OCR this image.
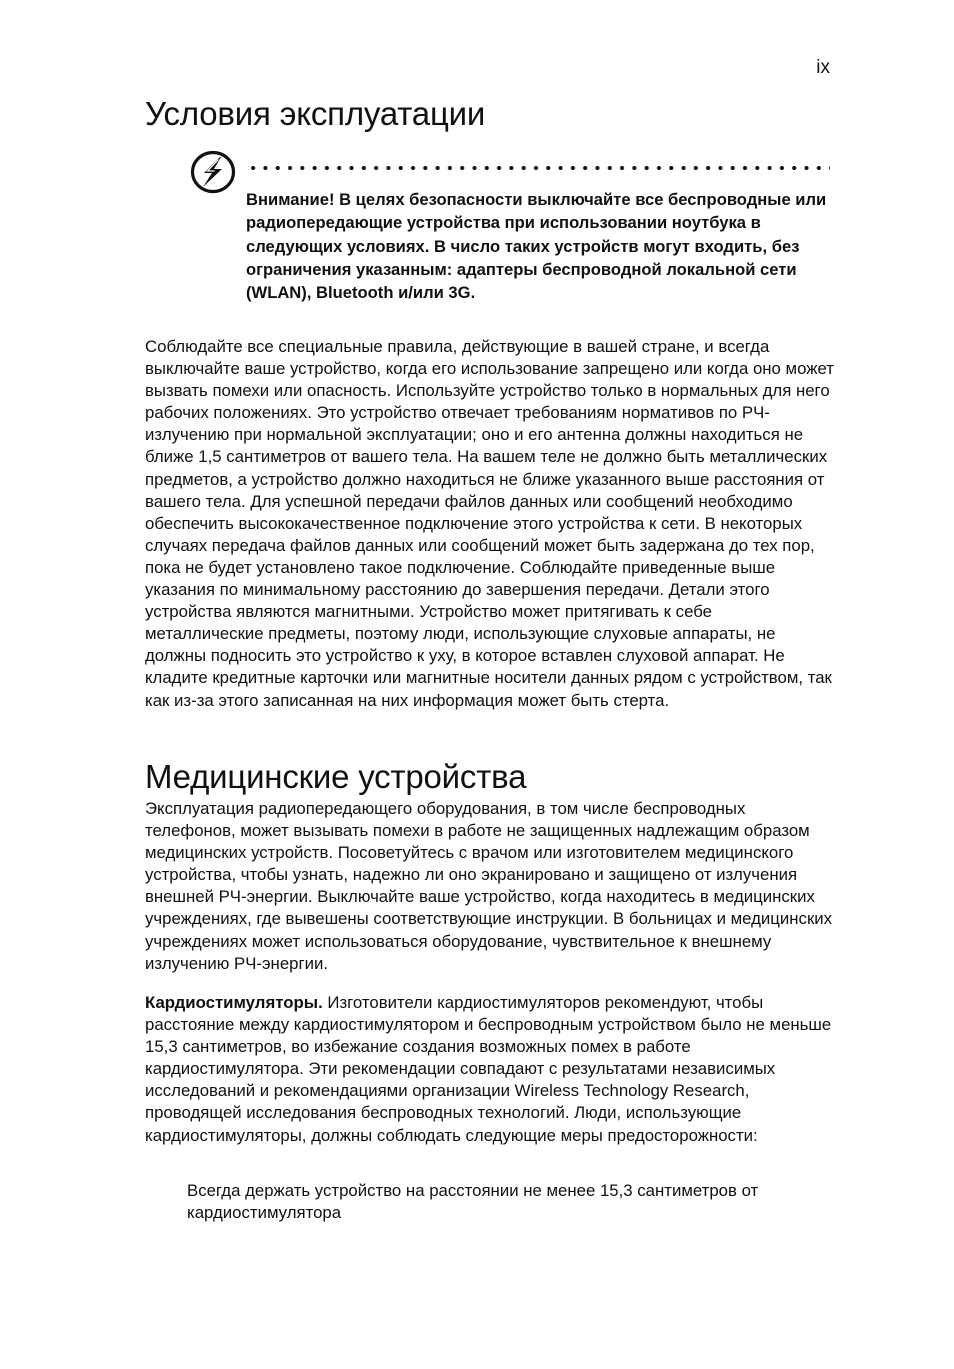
ix
Условия эксплуатации
Внимание! В целях безопасности выключайте все беспроводные или радиопередающие устройства при использовании ноутбука в следующих условиях. В число таких устройств могут входить, без ограничения указанным: адаптеры беспроводной локальной сети (WLAN), Bluetooth и/или 3G.

Соблюдайте все специальные правила, действующие в вашей стране, и всегда выключайте ваше устройство, когда его использование запрещено или когда оно может вызвать помехи или опасность. Используйте устройство только в нормальных для него рабочих положениях. Это устройство отвечает требованиям нормативов по РЧ-излучению при нормальной эксплуатации; оно и его антенна должны находиться не ближе 1,5 сантиметров от вашего тела. На вашем теле не должно быть металлических предметов, а устройство должно находиться не ближе указанного выше расстояния от вашего тела. Для успешной передачи файлов данных или сообщений необходимо обеспечить высококачественное подключение этого устройства к сети. В некоторых случаях передача файлов данных или сообщений может быть задержана до тех пор, пока не будет установлено такое подключение. Соблюдайте приведенные выше указания по минимальному расстоянию до завершения передачи. Детали этого устройства являются магнитными. Устройство может притягивать к себе металлические предметы, поэтому люди, использующие слуховые аппараты, не должны подносить это устройство к уху, в которое вставлен слуховой аппарат. Не кладите кредитные карточки или магнитные носители данных рядом с устройством, так как из-за этого записанная на них информация может быть стерта.

Медицинские устройства

Эксплуатация радиопередающего оборудования, в том числе беспроводных телефонов, может вызывать помехи в работе не защищенных надлежащим образом медицинских устройств. Посоветуйтесь с врачом или изготовителем медицинского устройства, чтобы узнать, надежно ли оно экранировано и защищено от излучения внешней РЧ-энергии. Выключайте ваше устройство, когда находитесь в медицинских учреждениях, где вывешены соответствующие инструкции. В больницах и медицинских учреждениях может использоваться оборудование, чувствительное к внешнему излучению РЧ-энергии.

Кардиостимуляторы. Изготовители кардиостимуляторов рекомендуют, чтобы расстояние между кардиостимулятором и беспроводным устройством было не меньше 15,3 сантиметров, во избежание создания возможных помех в работе кардиостимулятора. Эти рекомендации совпадают с результатами независимых исследований и рекомендациями организации Wireless Technology Research, проводящей исследования беспроводных технологий. Люди, использующие кардиостимуляторы, должны соблюдать следующие меры предосторожности:

Всегда держать устройство на расстоянии не менее 15,3 сантиметров от кардиостимулятора
